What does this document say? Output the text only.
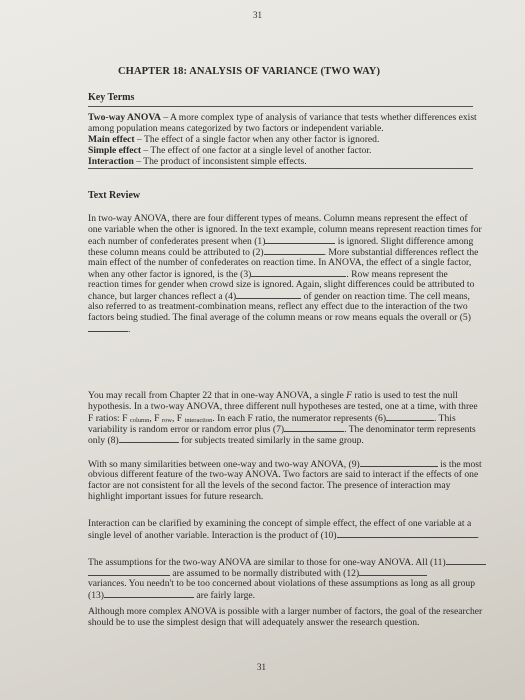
31
CHAPTER 18: ANALYSIS OF VARIANCE (TWO WAY)
Key Terms
Two-way ANOVA – A more complex type of analysis of variance that tests whether differences exist
among population means categorized by two factors or independent variable.
Main effect – The effect of a single factor when any other factor is ignored.
Simple effect – The effect of one factor at a single level of another factor.
Interaction – The product of inconsistent simple effects.
Text Review
In two-way ANOVA, there are four different types of means. Column means represent the effect of
one variable when the other is ignored. In the text example, column means represent reaction times for
each number of confederates present when (1)	is ignored. Slight difference among
these column means could be attributed to (2)	. More substantial differences reflect the
main effect of the number of confederates on reaction time. In ANOVA, the effect of a single factor,
when any other factor is ignored, is the (3)	. Row means represent the
reaction times for gender when crowd size is ignored. Again, slight differences could be attributed to
chance, but larger chances reflect a (4)	of gender on reaction time. The cell means,
also referred to as treatment-combination means, reflect any effect due to the interaction of the two
factors being studied. The final average of the column means or row means equals the overall or (5)
.
You may recall from Chapter 22 that in one-way ANOVA, a single F ratio is used to test the null
hypothesis. In a two-way ANOVA, three different null hypotheses are tested, one at a time, with three
F ratios: F $_{column}$, F $_{row}$, F $_{interaction}$. In each F ratio, the numerator represents (6)	. This
variability is random error or random error plus (7)	. The denominator term represents
only (8)	for subjects treated similarly in the same group.
With so many similarities between one-way and two-way ANOVA, (9)	is the most
obvious different feature of the two-way ANOVA. Two factors are said to interact if the effects of one
factor are not consistent for all the levels of the second factor. The presence of interaction may
highlight important issues for future research.
Interaction can be clarified by examining the concept of simple effect, the effect of one variable at a
single level of another variable. Interaction is the product of (10)	.
The assumptions for the two-way ANOVA are similar to those for one-way ANOVA. All (11)
are assumed to be normally distributed with (12)
variances. You needn't to be too concerned about violations of these assumptions as long as all group
(13)	are fairly large.
Although more complex ANOVA is possible with a larger number of factors, the goal of the researcher
should be to use the simplest design that will adequately answer the research question.
31
